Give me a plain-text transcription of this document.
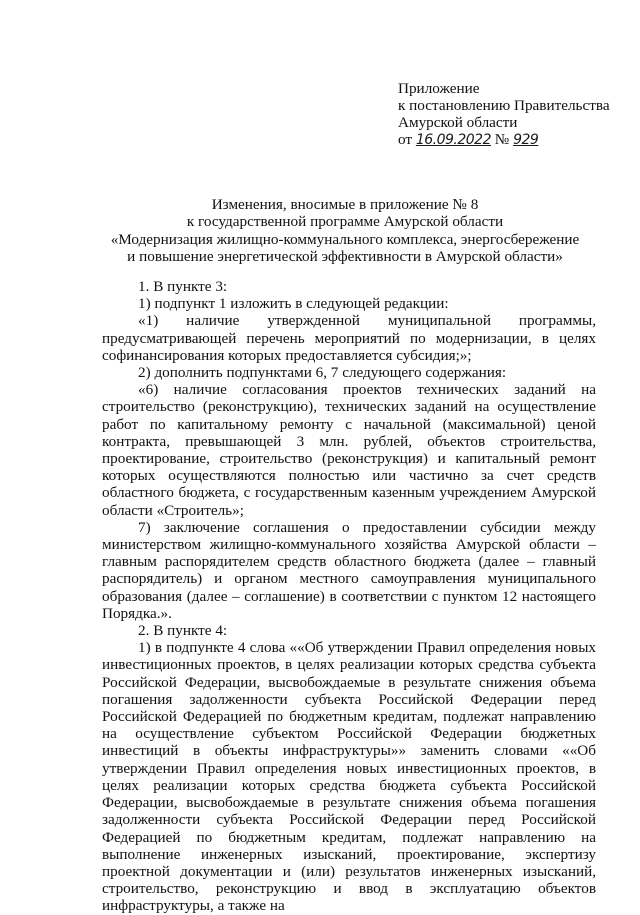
Приложение
к постановлению Правительства
Амурской области
от 16.09.2022 № 929
Изменения, вносимые в приложение № 8
к государственной программе Амурской области
«Модернизация жилищно-коммунального комплекса, энергосбережение
и повышение энергетической эффективности в Амурской области»

1. В пункте 3:

1) подпункт 1 изложить в следующей редакции:

«1) наличие утвержденной муниципальной программы, предусматривающей перечень мероприятий по модернизации, в целях софинансирования которых предоставляется субсидия;»;

2) дополнить подпунктами 6, 7 следующего содержания:

«6) наличие согласования проектов технических заданий на строительство (реконструкцию), технических заданий на осуществление работ по капитальному ремонту с начальной (максимальной) ценой контракта, превышающей 3 млн. рублей, объектов строительства, проектирование, строительство (реконструкция) и капитальный ремонт которых осуществляются полностью или частично за счет средств областного бюджета, с государственным казенным учреждением Амурской области «Строитель»;

7) заключение соглашения о предоставлении субсидии между министерством жилищно-коммунального хозяйства Амурской области – главным распорядителем средств областного бюджета (далее – главный распорядитель) и органом местного самоуправления муниципального образования (далее – соглашение) в соответствии с пунктом 12 настоящего Порядка.».

2. В пункте 4:

1) в подпункте 4 слова ««Об утверждении Правил определения новых инвестиционных проектов, в целях реализации которых средства субъекта Российской Федерации, высвобождаемые в результате снижения объема погашения задолженности субъекта Российской Федерации перед Российской Федерацией по бюджетным кредитам, подлежат направлению на осуществление субъектом Российской Федерации бюджетных инвестиций в объекты инфраструктуры»» заменить словами ««Об утверждении Правил определения новых инвестиционных проектов, в целях реализации которых средства бюджета субъекта Российской Федерации, высвобождаемые в результате снижения объема погашения задолженности субъекта Российской Федерации перед Российской Федерацией по бюджетным кредитам, подлежат направлению на выполнение инженерных изысканий, проектирование, экспертизу проектной документации и (или) результатов инженерных изысканий, строительство, реконструкцию и ввод в эксплуатацию объектов инфраструктуры, а также на
